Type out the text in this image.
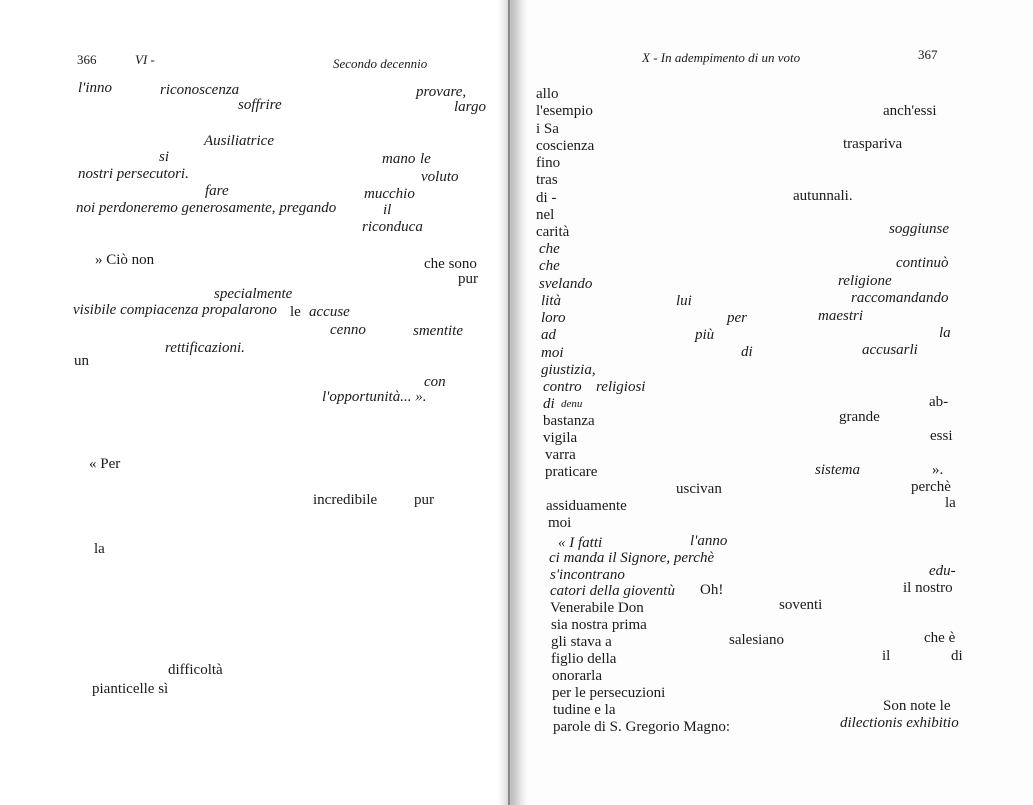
366	VI -	Secondo decennio
l'inno	riconoscenza	provare,
soffrire	largo
Ausiliatrice
si	mano le
nostri persecutori.	voluto
fare	mucchio
noi perdoneremo generosamente, pregando	il
riconduca
» Ciò non	che sono
pur
specialmente
visibile compiacenza propalarono le accuse
cenno	smentite
rettificazioni.
un
con
l'opportunità... ».
« Per
incredibile pur
la
difficoltà
pianticelle sì
X - In adempimento di un voto	367
allo
l'esempio	anch'essi
i Sa
coscienza	traspariva
fino
tras
di -	autunnali.
nel
carità	soggiunse
che
che	continuò
svelando	religione
lità	lui	raccomandando
loro	per	maestri
ad	più	la
moi	di	accusarli
giustizia,
contro religiosi
di denu	ab-
bastanza	grande
vigila	essi
varra
praticare	sistema	».
uscivan	perchè
assiduamente	la
moi
« I fatti	l'anno
ci manda il Signore, perchè
s'incontrano	edu-
catori della gioventù Oh!	il nostro
Venerabile Don	soventi
sia nostra prima
gli stava a	salesiano	che è
figlio della	il	di
onorarla
per le persecuzioni
tudine e la	Son note le
parole di S. Gregorio Magno:	dilectionis exhibitio
